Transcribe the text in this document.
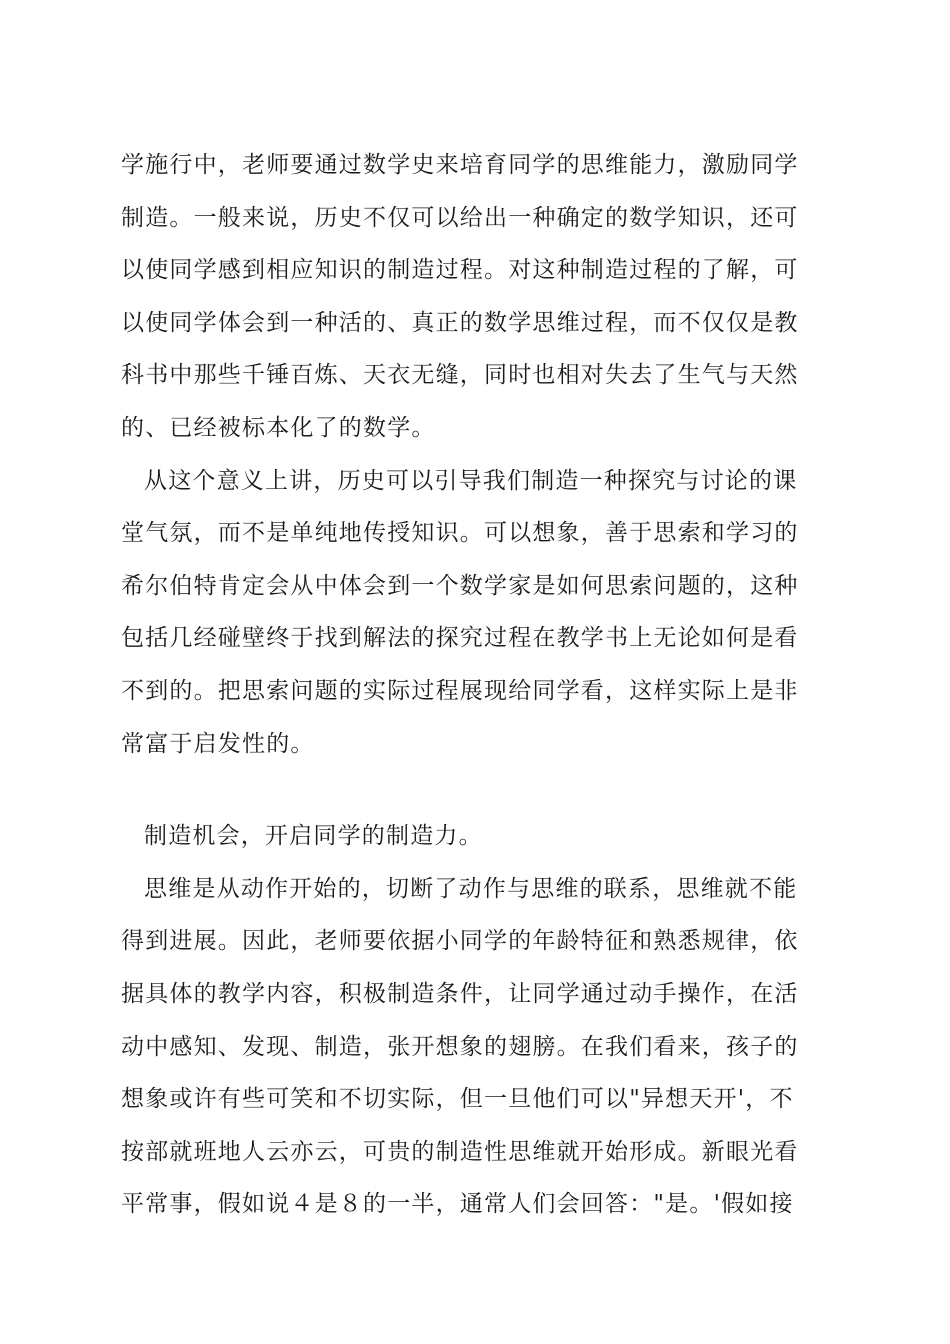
学施行中，老师要通过数学史来培育同学的思维能力，激励同学
制造。一般来说，历史不仅可以给出一种确定的数学知识，还可
以使同学感到相应知识的制造过程。对这种制造过程的了解，可
以使同学体会到一种活的、真正的数学思维过程，而不仅仅是教
科书中那些千锤百炼、天衣无缝，同时也相对失去了生气与天然
的、已经被标本化了的数学。
从这个意义上讲，历史可以引导我们制造一种探究与讨论的课
堂气氛，而不是单纯地传授知识。可以想象，善于思索和学习的
希尔伯特肯定会从中体会到一个数学家是如何思索问题的，这种
包括几经碰壁终于找到解法的探究过程在教学书上无论如何是看
不到的。把思索问题的实际过程展现给同学看，这样实际上是非
常富于启发性的。
制造机会，开启同学的制造力。
思维是从动作开始的，切断了动作与思维的联系，思维就不能
得到进展。因此，老师要依据小同学的年龄特征和熟悉规律，依
据具体的教学内容，积极制造条件，让同学通过动手操作，在活
动中感知、发现、制造，张开想象的翅膀。在我们看来，孩子的
想象或许有些可笑和不切实际，但一旦他们可以"异想天开'，不
按部就班地人云亦云，可贵的制造性思维就开始形成。新眼光看
平常事，假如说４是８的一半，通常人们会回答："是。'假如接
